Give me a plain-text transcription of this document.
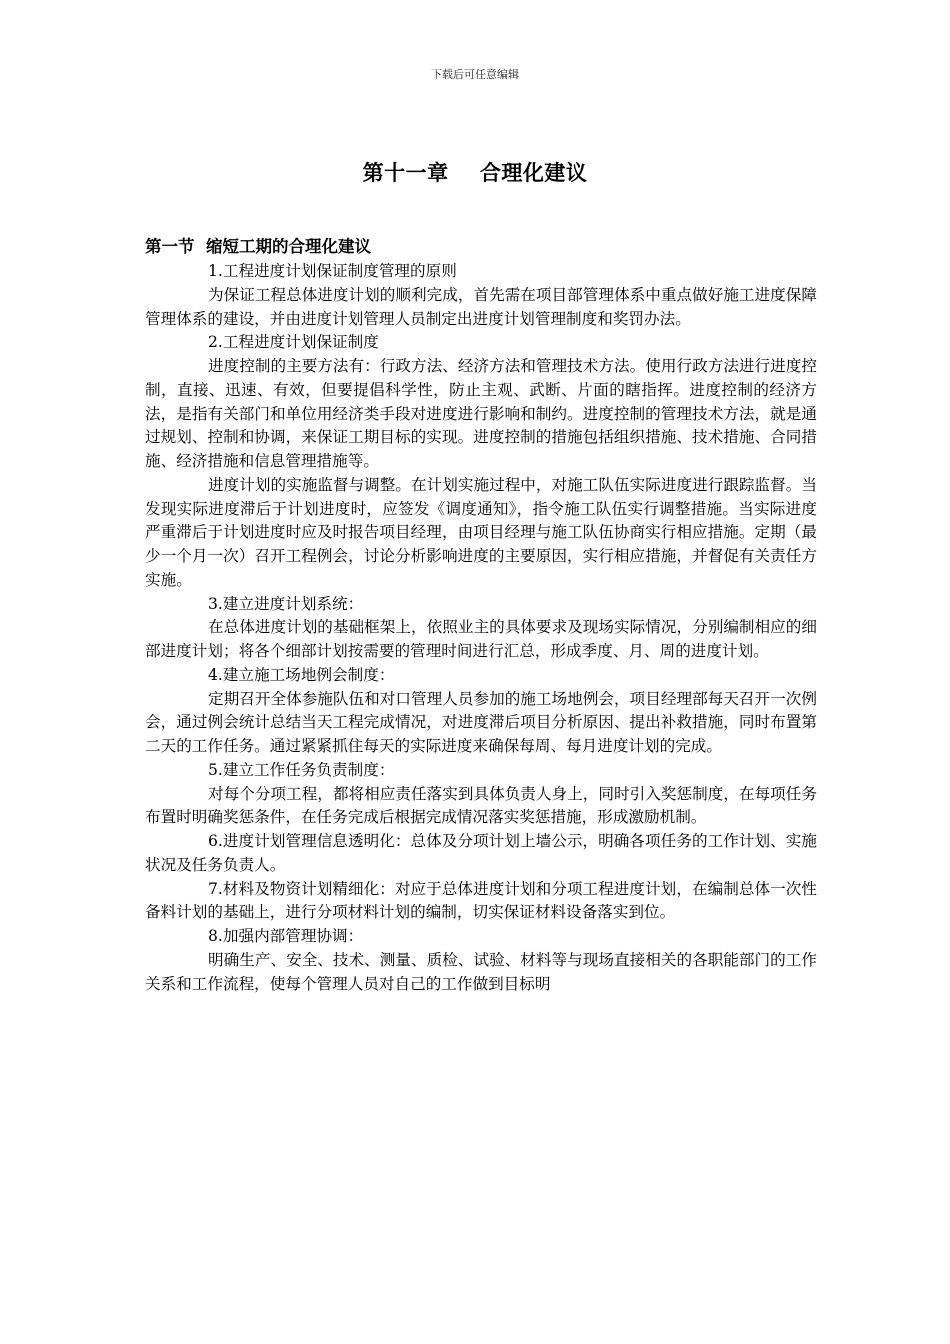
下载后可任意编辑
第十一章    合理化建议
第一节  缩短工期的合理化建议
1.工程进度计划保证制度管理的原则

为保证工程总体进度计划的顺利完成，首先需在项目部管理体系中重点做好施工进度保障管理体系的建设，并由进度计划管理人员制定出进度计划管理制度和奖罚办法。

2.工程进度计划保证制度

进度控制的主要方法有：行政方法、经济方法和管理技术方法。使用行政方法进行进度控制，直接、迅速、有效，但要提倡科学性，防止主观、武断、片面的瞎指挥。进度控制的经济方法，是指有关部门和单位用经济类手段对进度进行影响和制约。进度控制的管理技术方法，就是通过规划、控制和协调，来保证工期目标的实现。进度控制的措施包括组织措施、技术措施、合同措施、经济措施和信息管理措施等。

进度计划的实施监督与调整。在计划实施过程中，对施工队伍实际进度进行跟踪监督。当发现实际进度滞后于计划进度时，应签发《调度通知》，指令施工队伍实行调整措施。当实际进度严重滞后于计划进度时应及时报告项目经理，由项目经理与施工队伍协商实行相应措施。定期（最少一个月一次）召开工程例会，讨论分析影响进度的主要原因，实行相应措施，并督促有关责任方实施。

3.建立进度计划系统：

在总体进度计划的基础框架上，依照业主的具体要求及现场实际情况，分别编制相应的细部进度计划；将各个细部计划按需要的管理时间进行汇总，形成季度、月、周的进度计划。

4.建立施工场地例会制度：

定期召开全体参施队伍和对口管理人员参加的施工场地例会，项目经理部每天召开一次例会，通过例会统计总结当天工程完成情况，对进度滞后项目分析原因、提出补救措施，同时布置第二天的工作任务。通过紧紧抓住每天的实际进度来确保每周、每月进度计划的完成。

5.建立工作任务负责制度：

对每个分项工程，都将相应责任落实到具体负责人身上，同时引入奖惩制度，在每项任务布置时明确奖惩条件，在任务完成后根据完成情况落实奖惩措施，形成激励机制。

6.进度计划管理信息透明化：总体及分项计划上墙公示，明确各项任务的工作计划、实施状况及任务负责人。

7.材料及物资计划精细化：对应于总体进度计划和分项工程进度计划，在编制总体一次性备料计划的基础上，进行分项材料计划的编制，切实保证材料设备落实到位。

8.加强内部管理协调：

明确生产、安全、技术、测量、质检、试验、材料等与现场直接相关的各职能部门的工作关系和工作流程，使每个管理人员对自己的工作做到目标明
